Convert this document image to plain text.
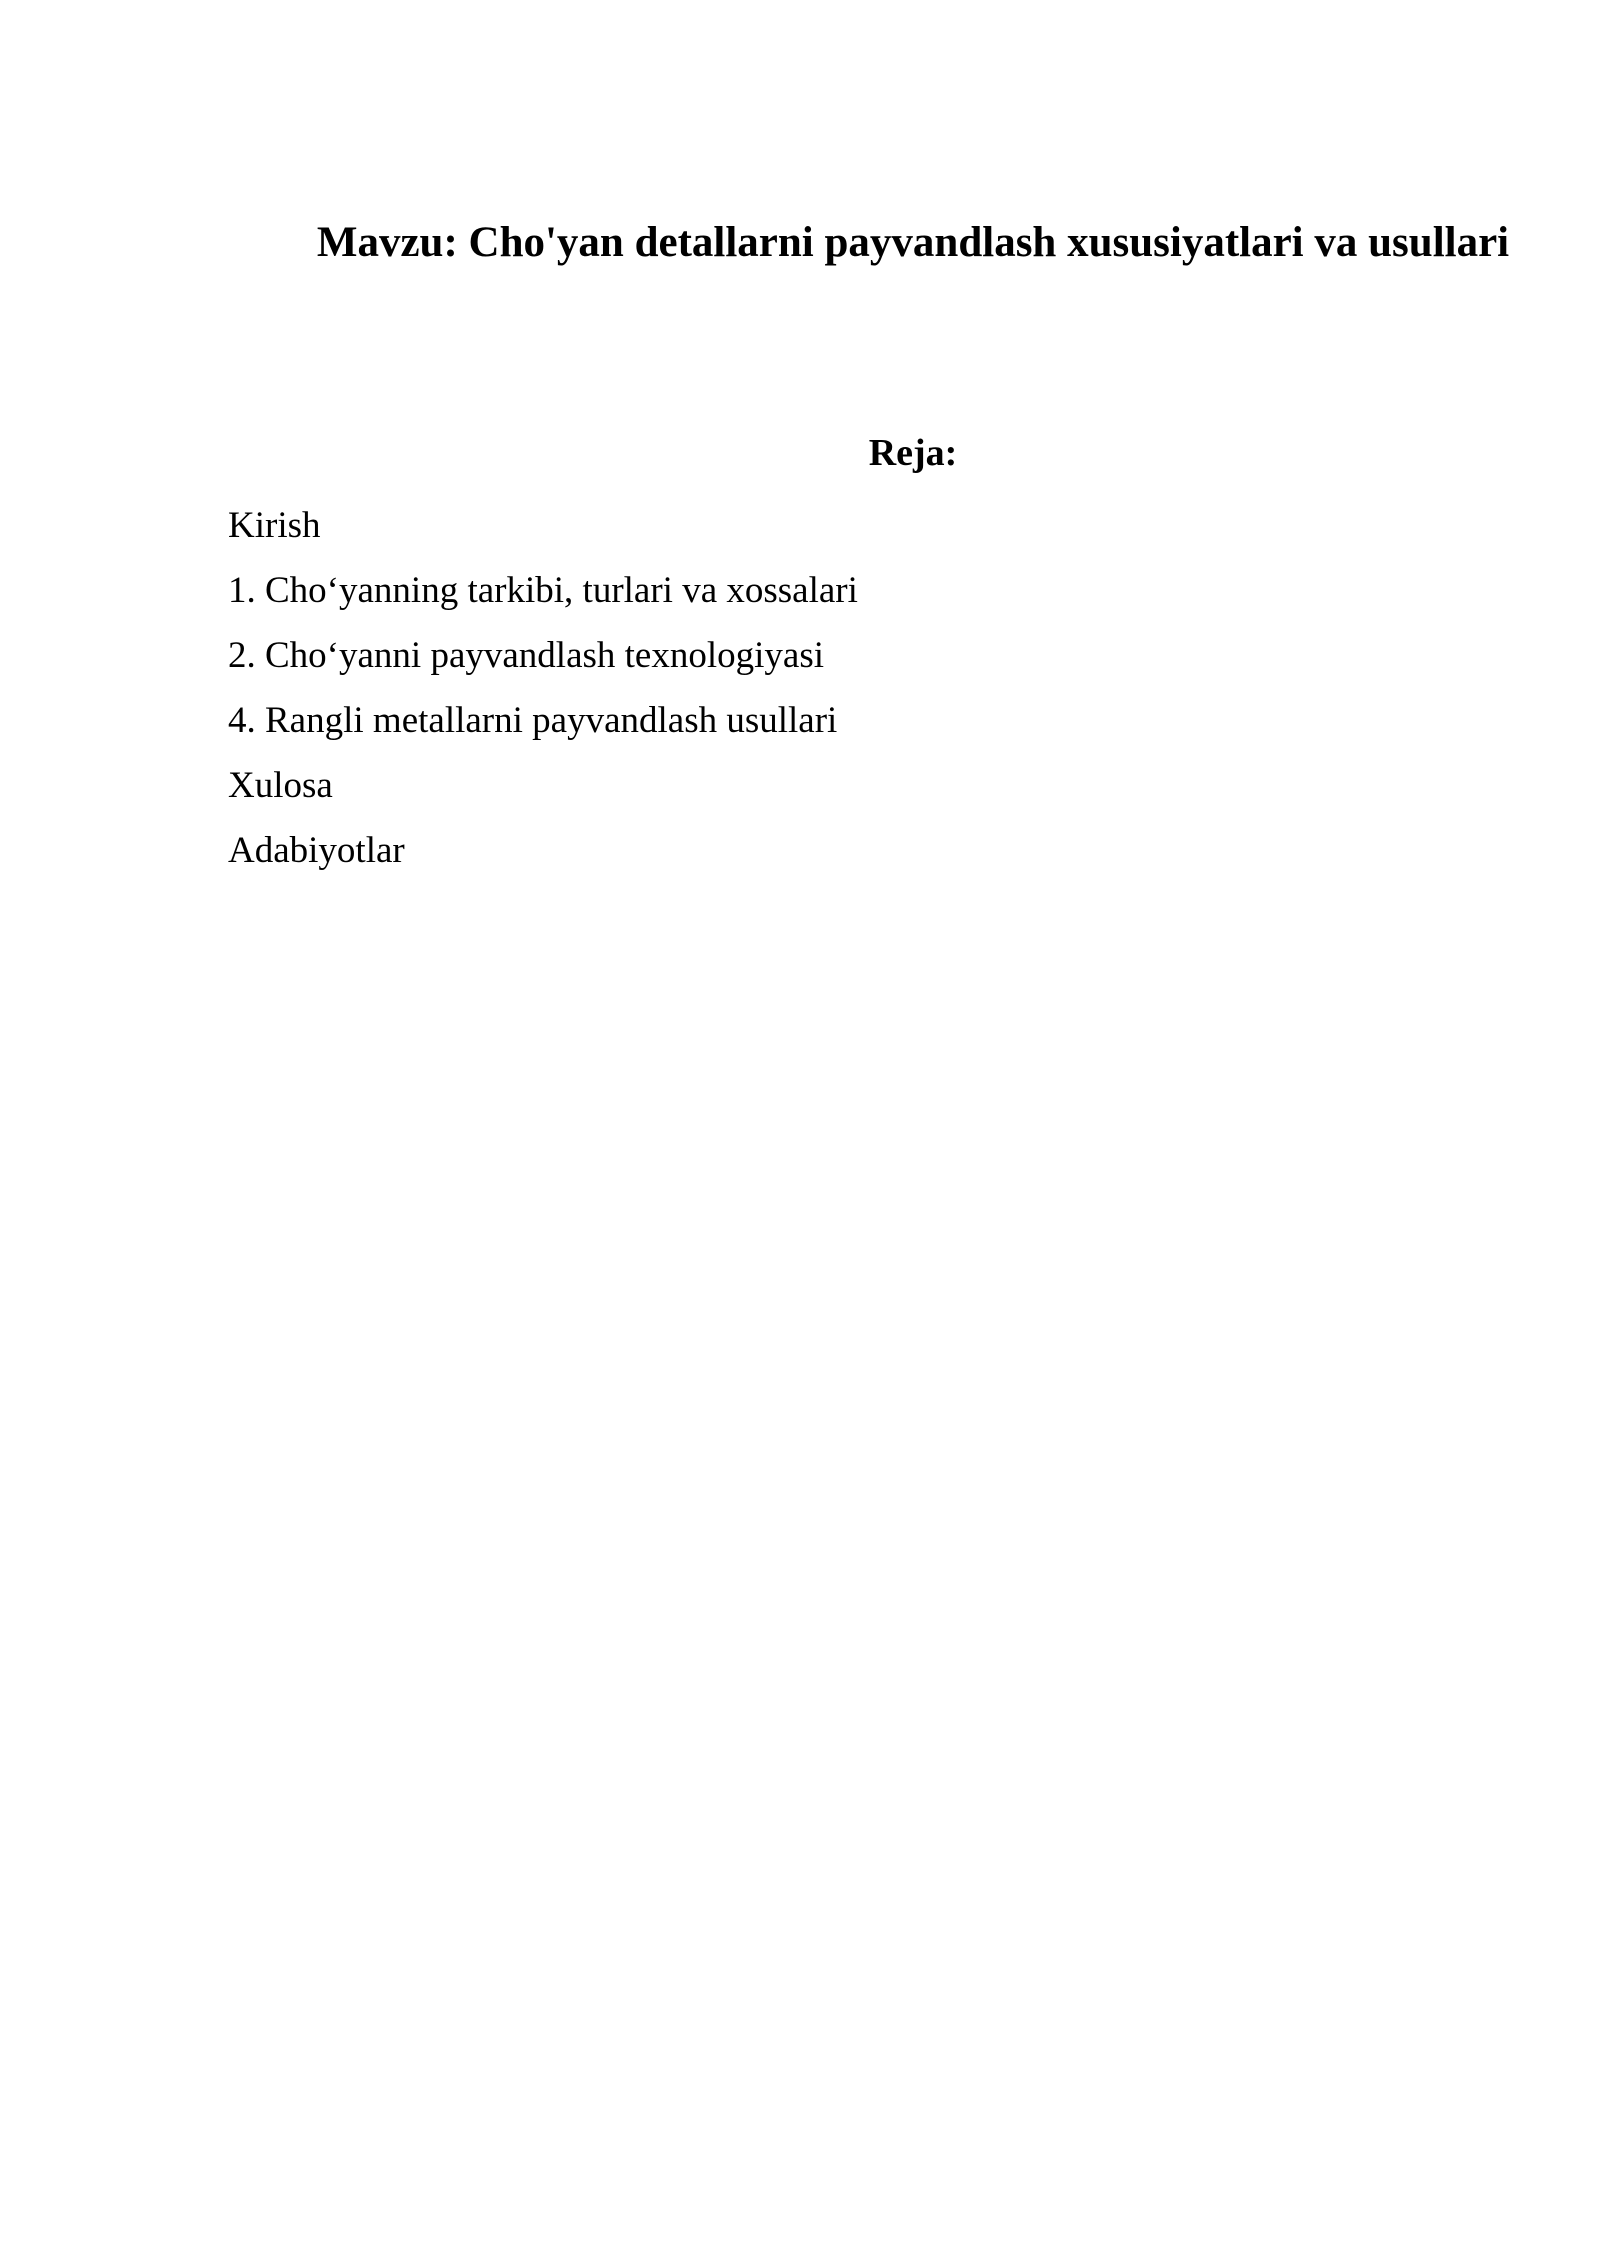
Mavzu: Cho'yan detallarni payvandlash xususiyatlari va usullari
Reja:
Kirish
1. Cho‘yanning tarkibi, turlari va xossalari
2. Cho‘yanni payvandlash texnologiyasi
4. Rangli metallarni payvandlash usullari
Xulosa
Adabiyotlar
